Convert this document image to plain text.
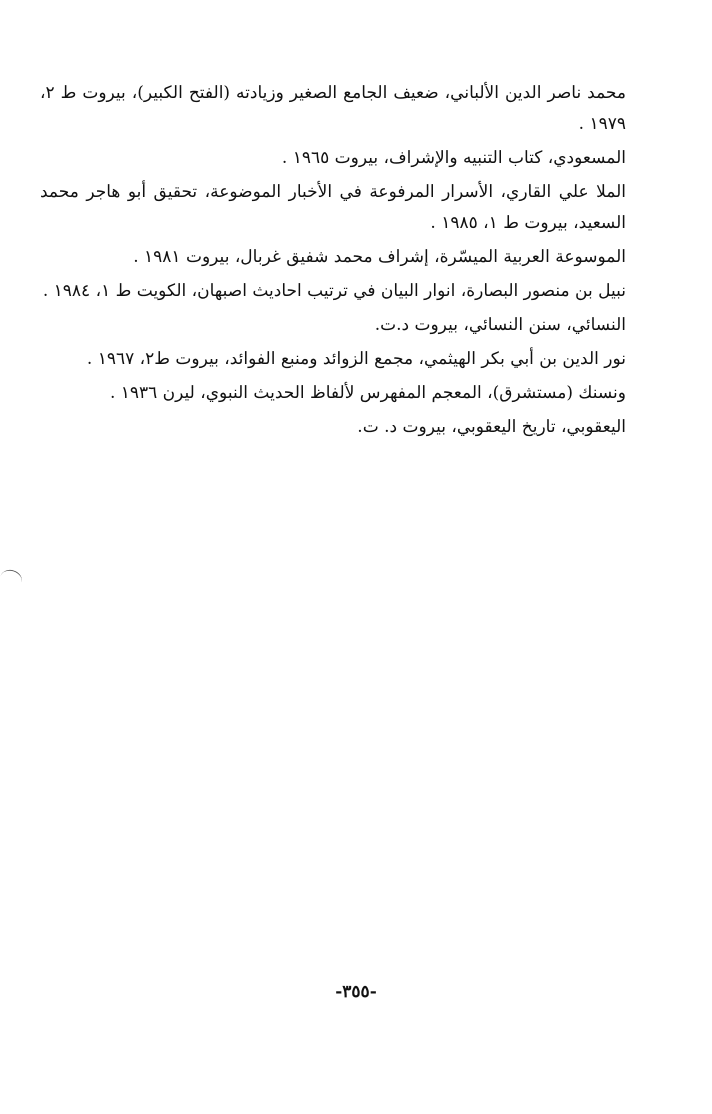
محمد ناصر الدين الألباني، ضعيف الجامع الصغير وزيادته (الفتح الكبير)، بيروت ط ٢، ١٩٧٩ .

المسعودي، كتاب التنبيه والإشراف، بيروت ١٩٦٥ .

الملا علي القاري، الأسرار المرفوعة في الأخبار الموضوعة، تحقيق أبو هاجر محمد السعيد، بيروت ط ١، ١٩٨٥ .

الموسوعة العربية الميسّرة، إشراف محمد شفيق غربال، بيروت ١٩٨١ .

نبيل بن منصور البصارة، انوار البيان في ترتيب احاديث اصبهان، الكويت ط ١، ١٩٨٤ .

النسائي، سنن النسائي، بيروت د.ت.

نور الدين بن أبي بكر الهيثمي، مجمع الزوائد ومنبع الفوائد، بيروت ط٢، ١٩٦٧ .

ونسنك (مستشرق)، المعجم المفهرس لألفاظ الحديث النبوي، ليرن ١٩٣٦ .

اليعقوبي، تاريخ اليعقوبي، بيروت د. ت.

-٣٥٥-
